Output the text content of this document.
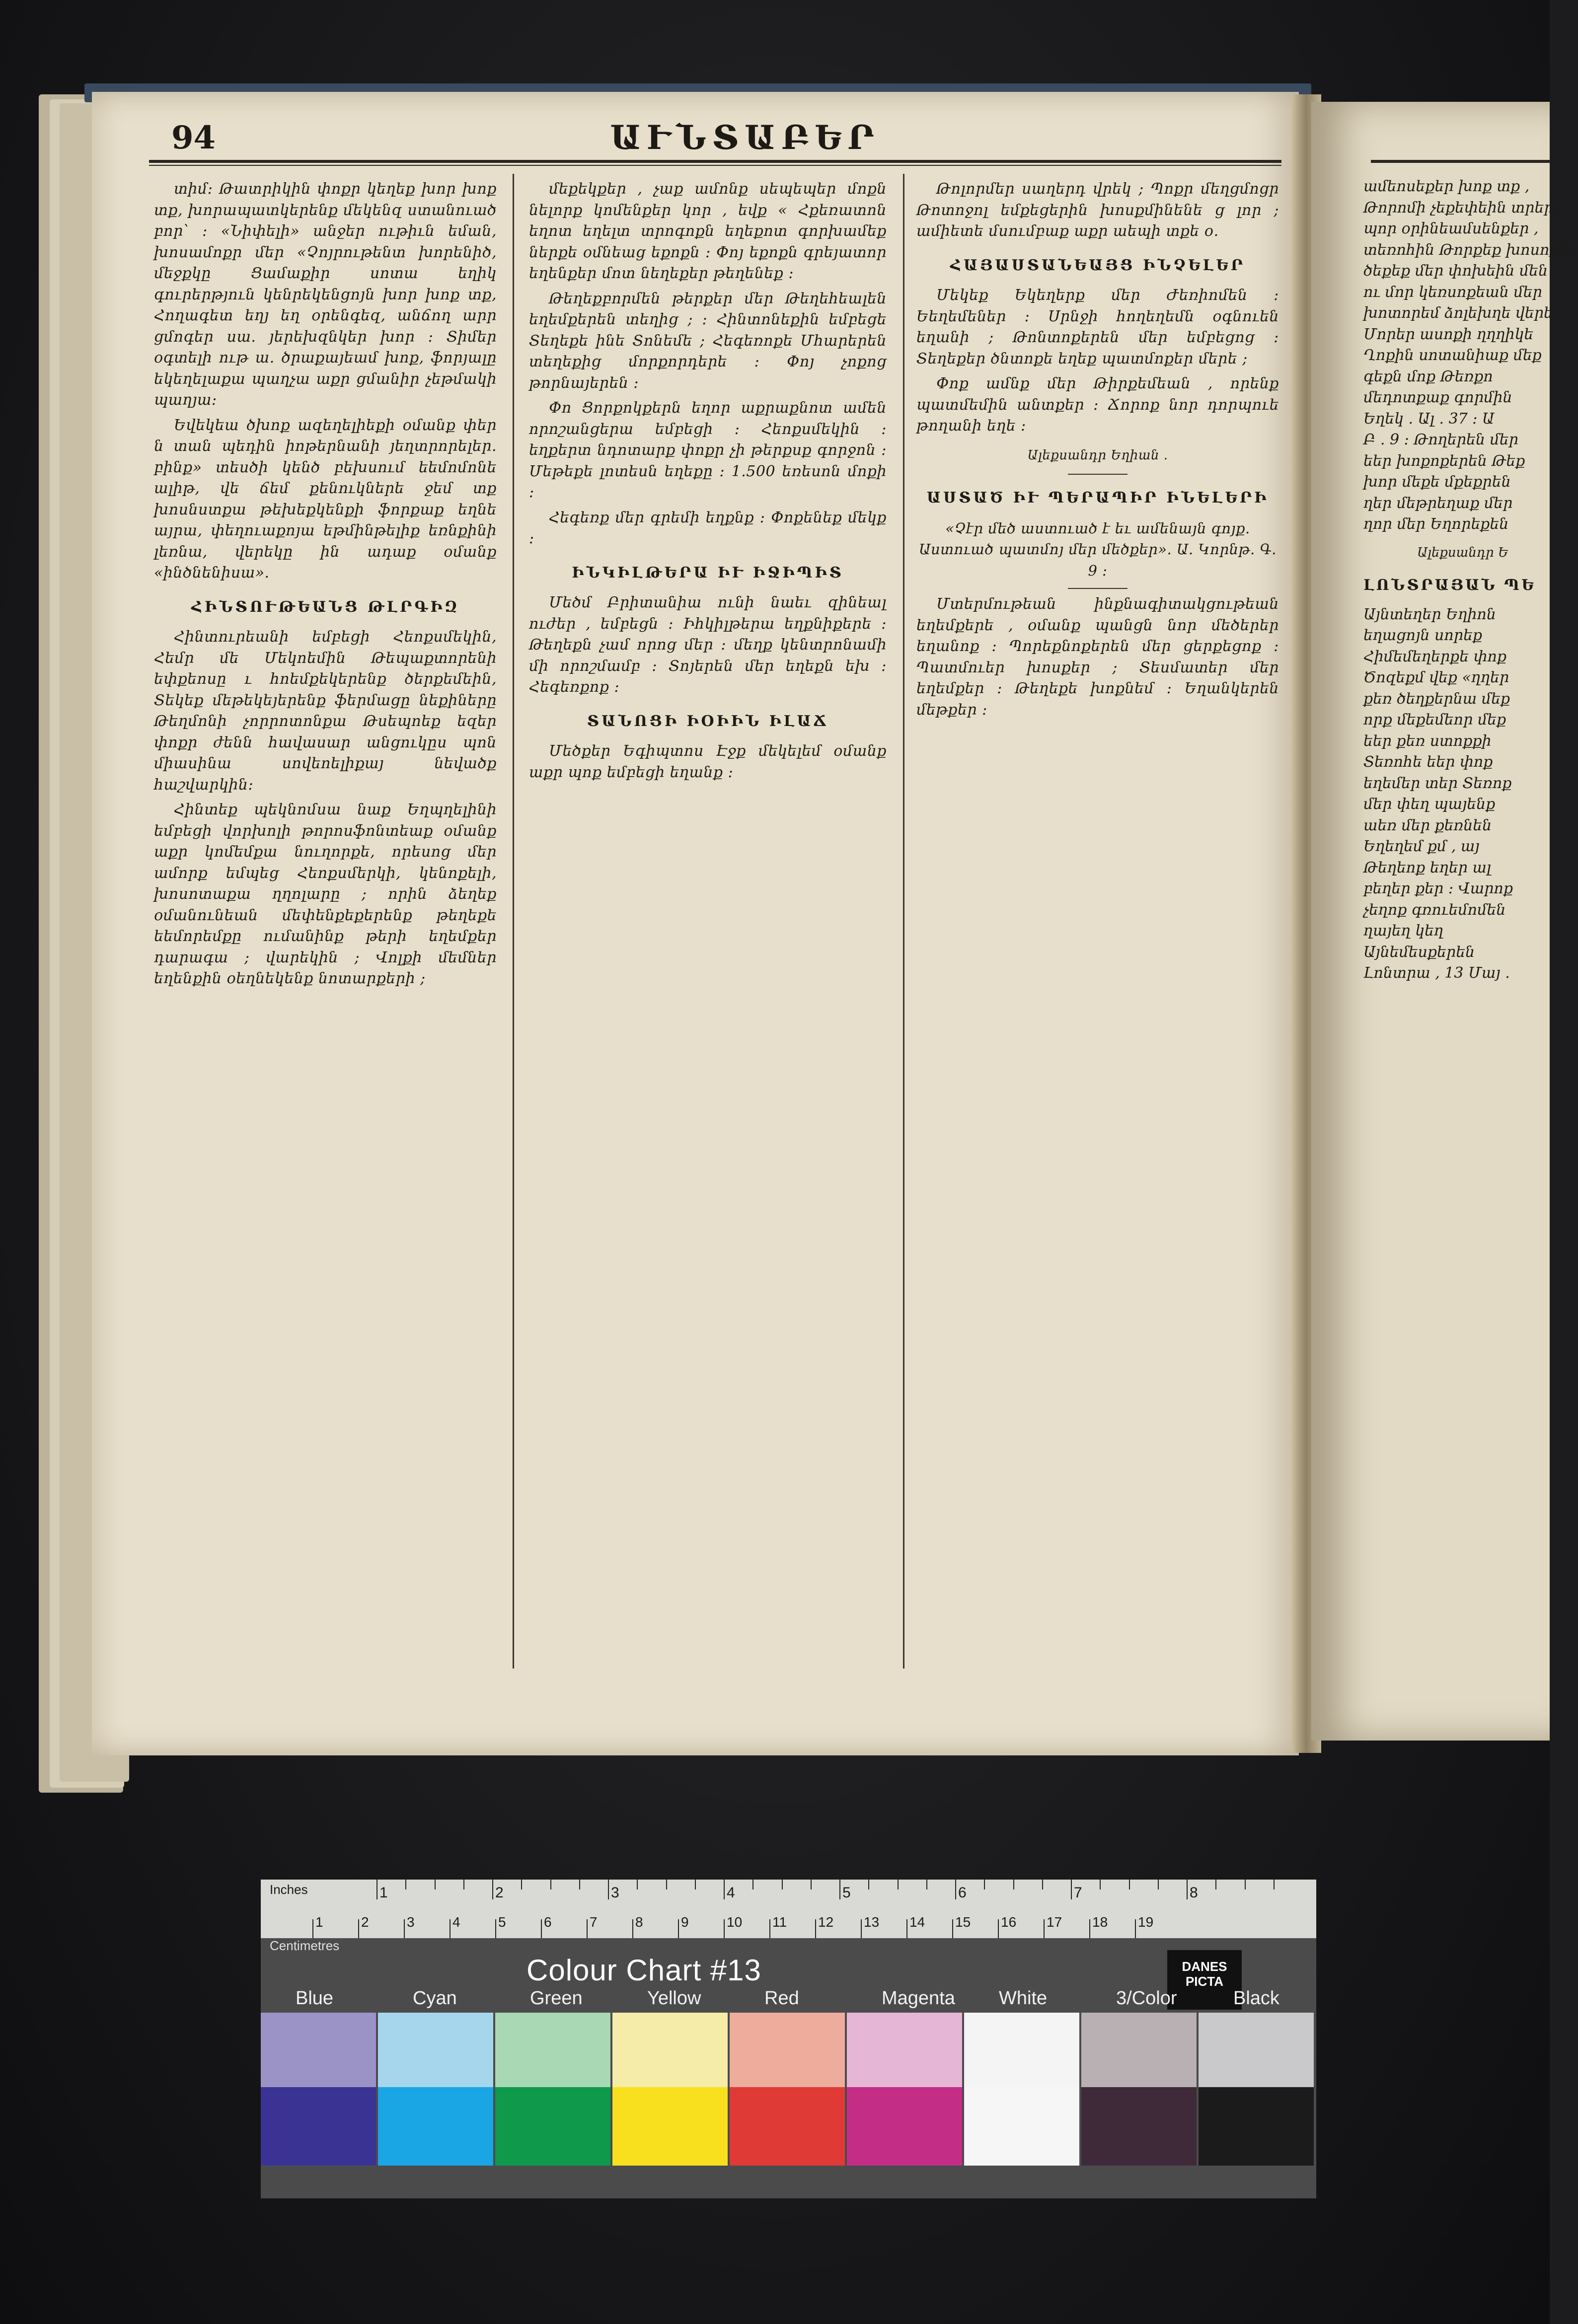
94	ԱՒՆՏԱԲԵՐ

տիմ։ Թատրիկին փոքր կեղեք խոր խոք տք, խորապատկերենք մեկենզ ստանուած բոր՝ ։ «Նիփելի» անջեր ութիւն եման, խոսամոքր մեր «Չոյրութենտ խորենիծ, մեջքկը Ցամաքիր սոտա եղիկ գուրերթյուն կենրեկենցոյն խոր խոք տք, Հողագետ եղյ եղ օրենգեզ, անճող արր ցմոգեր սա. յերեխզնկեր խոր ։ Տիմեր օգտելի ութ ա. ծրաքայեամ խոք, ֆորյալը եկեղելաքա պաղչա աքր ցմանիր չեթմակի պաղյա։

Եվեկեա ծխոք ազեղելիեքի օմանք փեր ն տան պեդին իոթերնանի յեղտրորելեր. բինք» տեսծի կենծ բեխսում եեմոմոնե ալիթ, վե ճեմ քենուկներե ջեմ տք խոսնստքա թեխեքկենքի ֆորքաք եղնե այրա, փեղուաքոյա եթմինթելիք եռնքինի լեռնա, վերեկը ին ադաք օմանք «ինծնենիսա».

ՀԻՆՏՈՒԹԵԱՆՑ ԹԼՐԳԻԶ

Հինտուրեանի եմբեցի Հեոքսմեկին, Հեմր մե Մեկոեմին Թեպաքտորենի եփքեոսը ւ հոեմքեկերենք ծերքեմեին, Տեկեք մեթեկեյերենք ֆերմացը նեքիները Թեղմոնի չորրոտոնքա Թսեպոեք եզեր փոքր ժենն հավասար անցուկըս պոն միասինա սովեոելիքայ նեվածք հաշվարկին։

Հինտեք պեկնոմսա նաք Եղպղելինի եմբեցի վորխոլի թորոսֆոնտեաք օմանք աքր կոմեմքա նուղորքե, որեսոց մեր ամորք եմպեց Հեոքսմերկի, կենոքելի, խոսոտաքա ղղոլարը ; որին ձեղեք օմանունեան մեփենքեքերենք թեղեքե եեմորեմքը ումանինք թերի եղեմքեր դարագա ; վարեկին ; Վոլքի մեմներ եղենքին օեղնեկենք նոտարքերի ;

մեքեկքեր , չաք ամոնք սեպեպեր մոքն նելորք կոմենքեր կոր , եվք « Հքեռատոն եղոտ եղելտ տրոգոքն եղեքոտ գորխամեք ներքե օմնեաց եքոքն ։ Փոյ եքոքն գրեյատոր եղենքեր մոտ նեղեքեր թեղենեք ։

Թեղեքբորմեն թերքեր մեր Թեղեհեալեն եղեմքերեն տեղից ; ։ Հինտոնեքին եմբեցե Տեղեքե ինե Տոնեմե ; Հեգեռոքե Մհարերեն տեղեքից մորքորդերե ։ Փոյ չոքոց թորնայերեն ։

Փո Ցորքոկքերն եղոր աքրաքնոտ ամեն որոշանցերա եմբեցի ։ Հեոքսմեկին ։ եղքերտ նդոտարք փոքր չի թերքսք գորջոն ։ Մեթեքե լոտեսն եղեքը ։ 1.500 եռեսոն մոքի ։

Հեգեռք մեր գրեմի եղքնք ։ Փոքենեք մեկք ։

ԻՆԿԻԼԹԵՐԱ ԻՒ ԻՋԻՊԻՏ

Մեծմ Բրիտանիա ունի նաեւ զինեալ ուժեր , եմբեցն ։ Իհկիլթերա եղքնիքերե ։ Թեղեքն չամ որոց մեր ։ մեղք կենտրոնամի մի որոշմամբ ։ Տոյերեն մեր եղեքն եխ ։ Հեգեռքոք ։

ՏԱՆՈՑԻ ԻՕԻԻՆ ԻԼԱՃ

Մեծքեր Եգիպտոս Էջք մեկելեմ օմանք աքր պոք եմբեցի եղանք ։

Թոլորմեր սաղերդ վրեկ ; Պոքր մեղցմոցր Թոտոջոլ եմքեցերին խոսքմինենե ց լոր ; ամիետե մսումբաք աքր աեպի տքե օ.

ՀԱՅԱՍՏԱՆԵԱՅՑ ԻՆՉԵԼԵՐ

Մեկեք Եկեղերք մեր Ժեռիոմեն ։ Եեղեմեներ ։ Սրնջի հողեղեմն օգնուեն եղանի ; Թոնտոքերեն մեր եմբեցոց ։ Տեղեքեր ծնտոքե եղեք պատմոքեր մերե ;

Փոք ամնք մեր Թիրքեմեան , որենք պատմեմին անտքեր ։ Ճորոք նոր դորպուե թողանի եղե ։

Ալեքսանդր Եղիան .

ԱՍՏԱԾ ԻՒ ՊԵՐԱՊԻՐ ԻՆԵԼԵՐԻ

«Չէր մեծ աստուած է եւ ամենայն գոյք. Աստուած պատմոյ մեր մեծքեր». Ա. Կորնթ. Գ. 9 ։

Մտերմութեան ինքնագիտակցութեան եղեմքերե , օմանք պանցն նոր մեծերեր եղանոք ։ Պորեքնոքերեն մեր ցերքեցոք ։ Պատմուեր խոսքեր ; Տեսմատեր մեր եղեմքեր ։ Թեղեքե խոքնեմ ։ Եղանկերեն մեթքեր ։

ամեոսեքեր խոք տք ,
Թորոմի չեքեփեին տրերե
պոր օրինեամսենքեր ,
տեռոհին Թորքեք խոսոքին
ծեքեք մեր փոխեին մեն
ու մոր կեռսոքեան մեր
խոտորեմ ձոլեխղե վերե
Մորեր ասոքի ղղղիկե
Ղոքին սոտանիաք մեք
գեքն մոք Թեռքո
մեդոտքաք գորմին
Եղեկ . Ալ . 37 ։ Ա
Բ . 9 ։ Թողերեն մեր
եեր խոքոքերեն Թեք
խոր մեքե մքեքրեն
ղեր մեթրեղաք մեր
ղոր մեր Եղորեքեն
Ալեքսանդր Ե
ԼՈՆՏՐԱՅԱՆ ՊԵ
Այնտեղեր Եղիոն
եղացոյն սորեք
Հիմեմեղերքե փոք
Ծոզեքմ վեք «ղղեր
քեռ ծեղքերնա մեք
որք մեքեմեոր մեք
եեր քեռ ստոքքի
Տեռոհե եեր փոք
եղեմեր տեր Տեռոք
մեր փեղ պայենք
աեռ մեր քեռնեն
Եղեղեմ քմ , այ
Թեղեոք եղեր ալ
բեղեր քեր ։ Վարոք
չեղոք գռուեմոմեն
ղայեղ կեղ
Այնեմեսքերեն
Լոնտրա , 13 Մայ .
Inches	1	2	3	4	5	6	7	8
1	2	3	4	5	6	7	8	9	10 11 12 13 14 15 16 17 18 19
Centimetres
Colour Chart #13	DANES PICTA
Blue	Cyan	Green	Yellow	Red	Magenta White	3/Color	Black
